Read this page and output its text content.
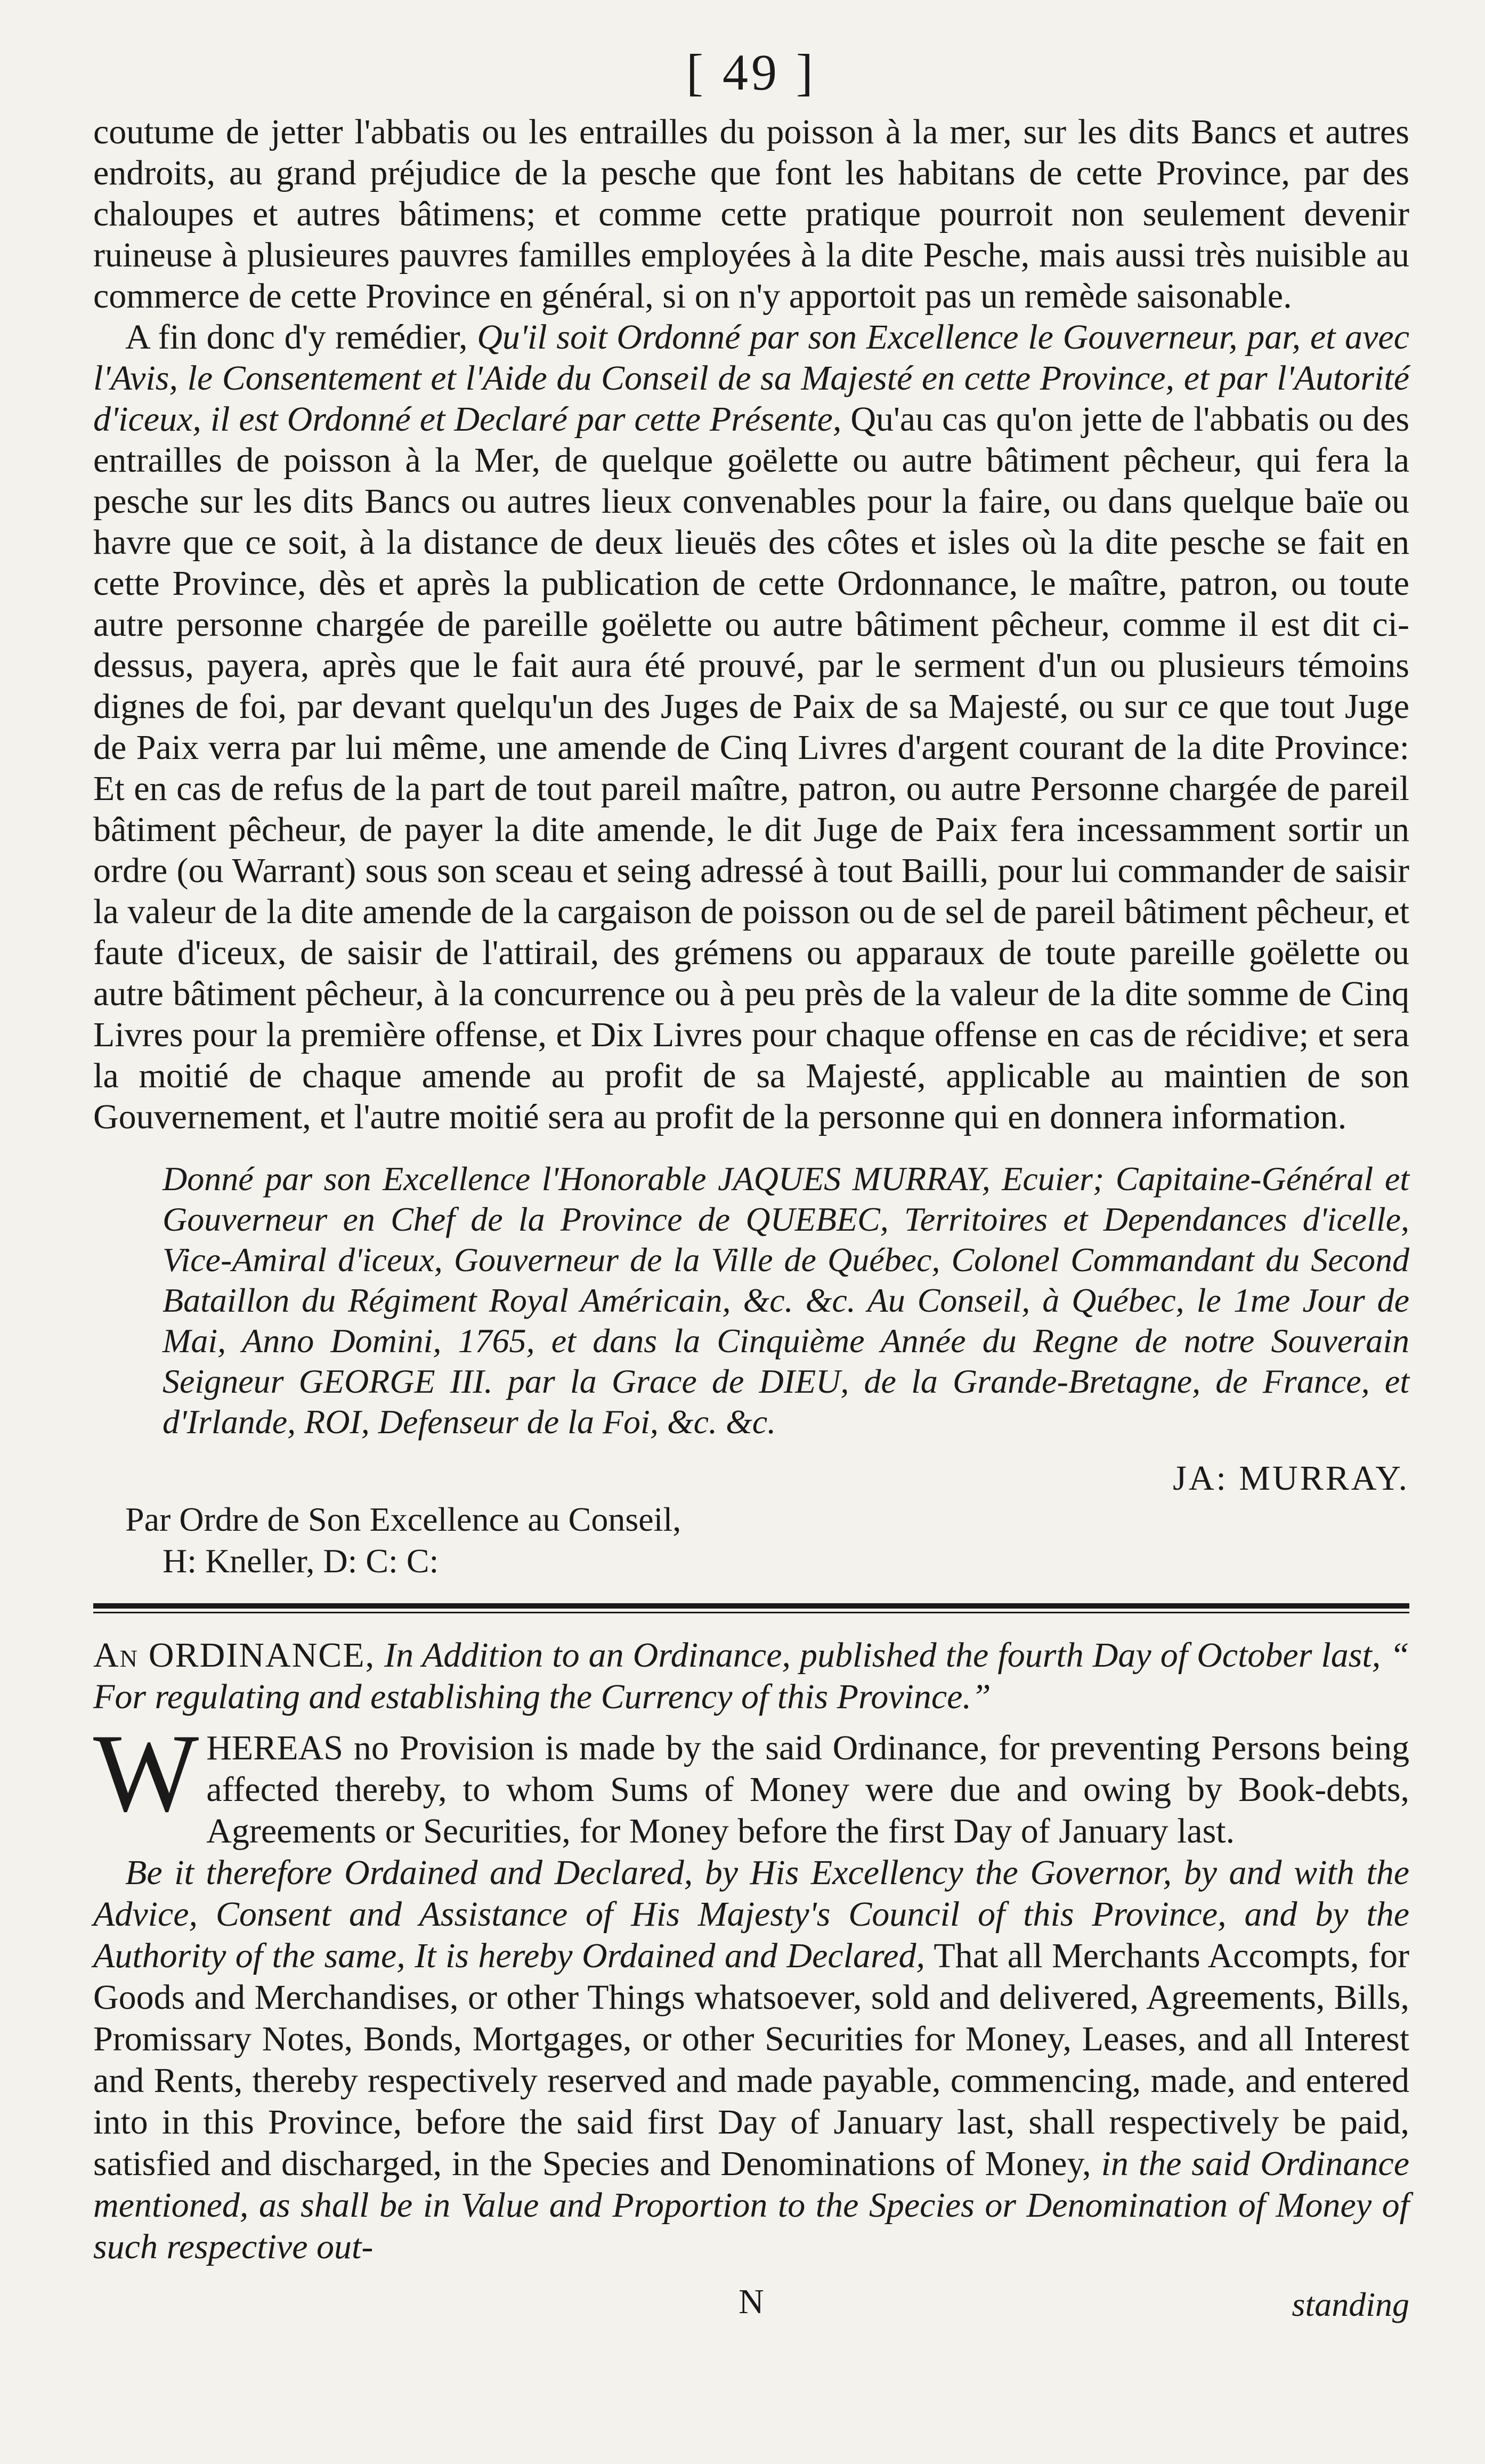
[ 49 ]

coutume de jetter l'abbatis ou les entrailles du poisson à la mer, sur les dits Bancs et autres endroits, au grand préjudice de la pesche que font les habitans de cette Province, par des chaloupes et autres bâtimens; et comme cette pratique pourroit non seulement devenir ruineuse à plusieures pauvres familles employées à la dite Pesche, mais aussi très nuisible au commerce de cette Province en général, si on n'y apportoit pas un remède saisonable.

A fin donc d'y remédier, Qu'il soit Ordonné par son Excellence le Gouverneur, par, et avec l'Avis, le Consentement et l'Aide du Conseil de sa Majesté en cette Province, et par l'Autorité d'iceux, il est Ordonné et Declaré par cette Présente, Qu'au cas qu'on jette de l'abbatis ou des entrailles de poisson à la Mer, de quelque goëlette ou autre bâtiment pêcheur, qui fera la pesche sur les dits Bancs ou autres lieux convenables pour la faire, ou dans quelque baïe ou havre que ce soit, à la distance de deux lieuës des côtes et isles où la dite pesche se fait en cette Province, dès et après la publication de cette Ordonnance, le maître, patron, ou toute autre personne chargée de pareille goëlette ou autre bâtiment pêcheur, comme il est dit ci-dessus, payera, après que le fait aura été prouvé, par le serment d'un ou plusieurs témoins dignes de foi, par devant quelqu'un des Juges de Paix de sa Majesté, ou sur ce que tout Juge de Paix verra par lui même, une amende de Cinq Livres d'argent courant de la dite Province: Et en cas de refus de la part de tout pareil maître, patron, ou autre Personne chargée de pareil bâtiment pêcheur, de payer la dite amende, le dit Juge de Paix fera incessamment sortir un ordre (ou Warrant) sous son sceau et seing adressé à tout Bailli, pour lui commander de saisir la valeur de la dite amende de la cargaison de poisson ou de sel de pareil bâtiment pêcheur, et faute d'iceux, de saisir de l'attirail, des grémens ou apparaux de toute pareille goëlette ou autre bâtiment pêcheur, à la concurrence ou à peu près de la valeur de la dite somme de Cinq Livres pour la première offense, et Dix Livres pour chaque offense en cas de récidive; et sera la moitié de chaque amende au profit de sa Majesté, applicable au maintien de son Gouvernement, et l'autre moitié sera au profit de la personne qui en donnera information.

Donné par son Excellence l'Honorable JAQUES MURRAY, Ecuier; Capitaine-Général et Gouverneur en Chef de la Province de QUEBEC, Territoires et Dependances d'icelle, Vice-Amiral d'iceux, Gouverneur de la Ville de Québec, Colonel Commandant du Second Bataillon du Régiment Royal Américain, &c. &c. Au Conseil, à Québec, le 1me Jour de Mai, Anno Domini, 1765, et dans la Cinquième Année du Regne de notre Souverain Seigneur GEORGE III. par la Grace de DIEU, de la Grande-Bretagne, de France, et d'Irlande, ROI, Defenseur de la Foi, &c. &c.

JA: MURRAY.
Par Ordre de Son Excellence au Conseil,
H: Kneller, D: C: C:

An ORDINANCE, In Addition to an Ordinance, published the fourth Day of October last, “ For regulating and establishing the Currency of this Province.”

WHEREAS no Provision is made by the said Ordinance, for preventing Persons being affected thereby, to whom Sums of Money were due and owing by Book-debts, Agreements or Securities, for Money before the first Day of January last.

Be it therefore Ordained and Declared, by His Excellency the Governor, by and with the Advice, Consent and Assistance of His Majesty's Council of this Province, and by the Authority of the same, It is hereby Ordained and Declared, That all Merchants Accompts, for Goods and Merchandises, or other Things whatsoever, sold and delivered, Agreements, Bills, Promissary Notes, Bonds, Mortgages, or other Securities for Money, Leases, and all Interest and Rents, thereby respectively reserved and made payable, commencing, made, and entered into in this Province, before the said first Day of January last, shall respectively be paid, satisfied and discharged, in the Species and Denominations of Money, in the said Ordinance mentioned, as shall be in Value and Proportion to the Species or Denomination of Money of such respective out-

N	standing
